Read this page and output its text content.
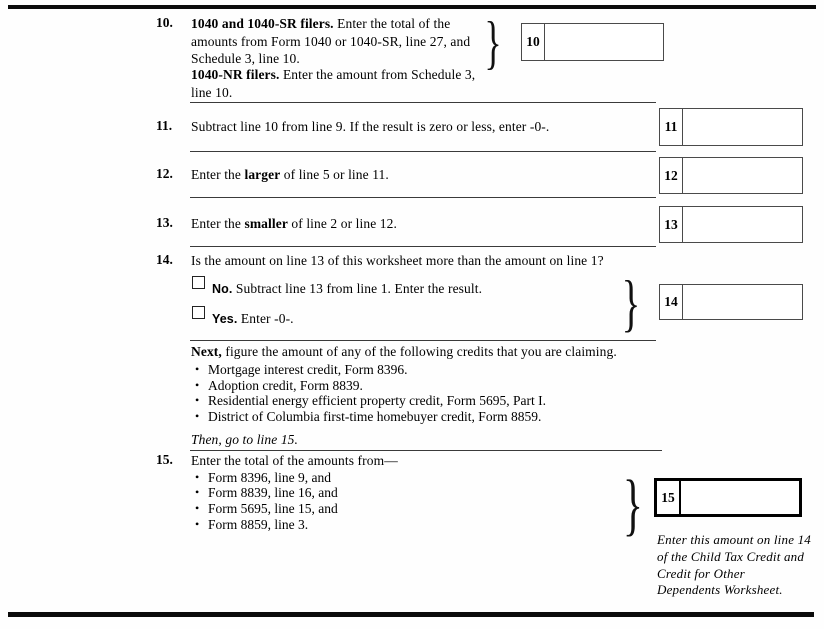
10. 1040 and 1040-SR filers. Enter the total of the amounts from Form 1040 or 1040-SR, line 27, and Schedule 3, line 10.
1040-NR filers. Enter the amount from Schedule 3, line 10.
}	10
11. Subtract line 10 from line 9. If the result is zero or less, enter -0-.	11
12. Enter the larger of line 5 or line 11.	12
13. Enter the smaller of line 2 or line 12.	13
14. Is the amount on line 13 of this worksheet more than the amount on line 1?
No. Subtract line 13 from line 1. Enter the result.
Yes. Enter -0-.	}	14
Next, figure the amount of any of the following credits that you are claiming.
• Mortgage interest credit, Form 8396.
• Adoption credit, Form 8839.
• Residential energy efficient property credit, Form 5695, Part I.
• District of Columbia first-time homebuyer credit, Form 8859.
Then, go to line 15.
15. Enter the total of the amounts from—
• Form 8396, line 9, and
• Form 8839, line 16, and
• Form 5695, line 15, and
• Form 8859, line 3.	}	15
Enter this amount on line 14 of the Child Tax Credit and Credit for Other Dependents Worksheet.
